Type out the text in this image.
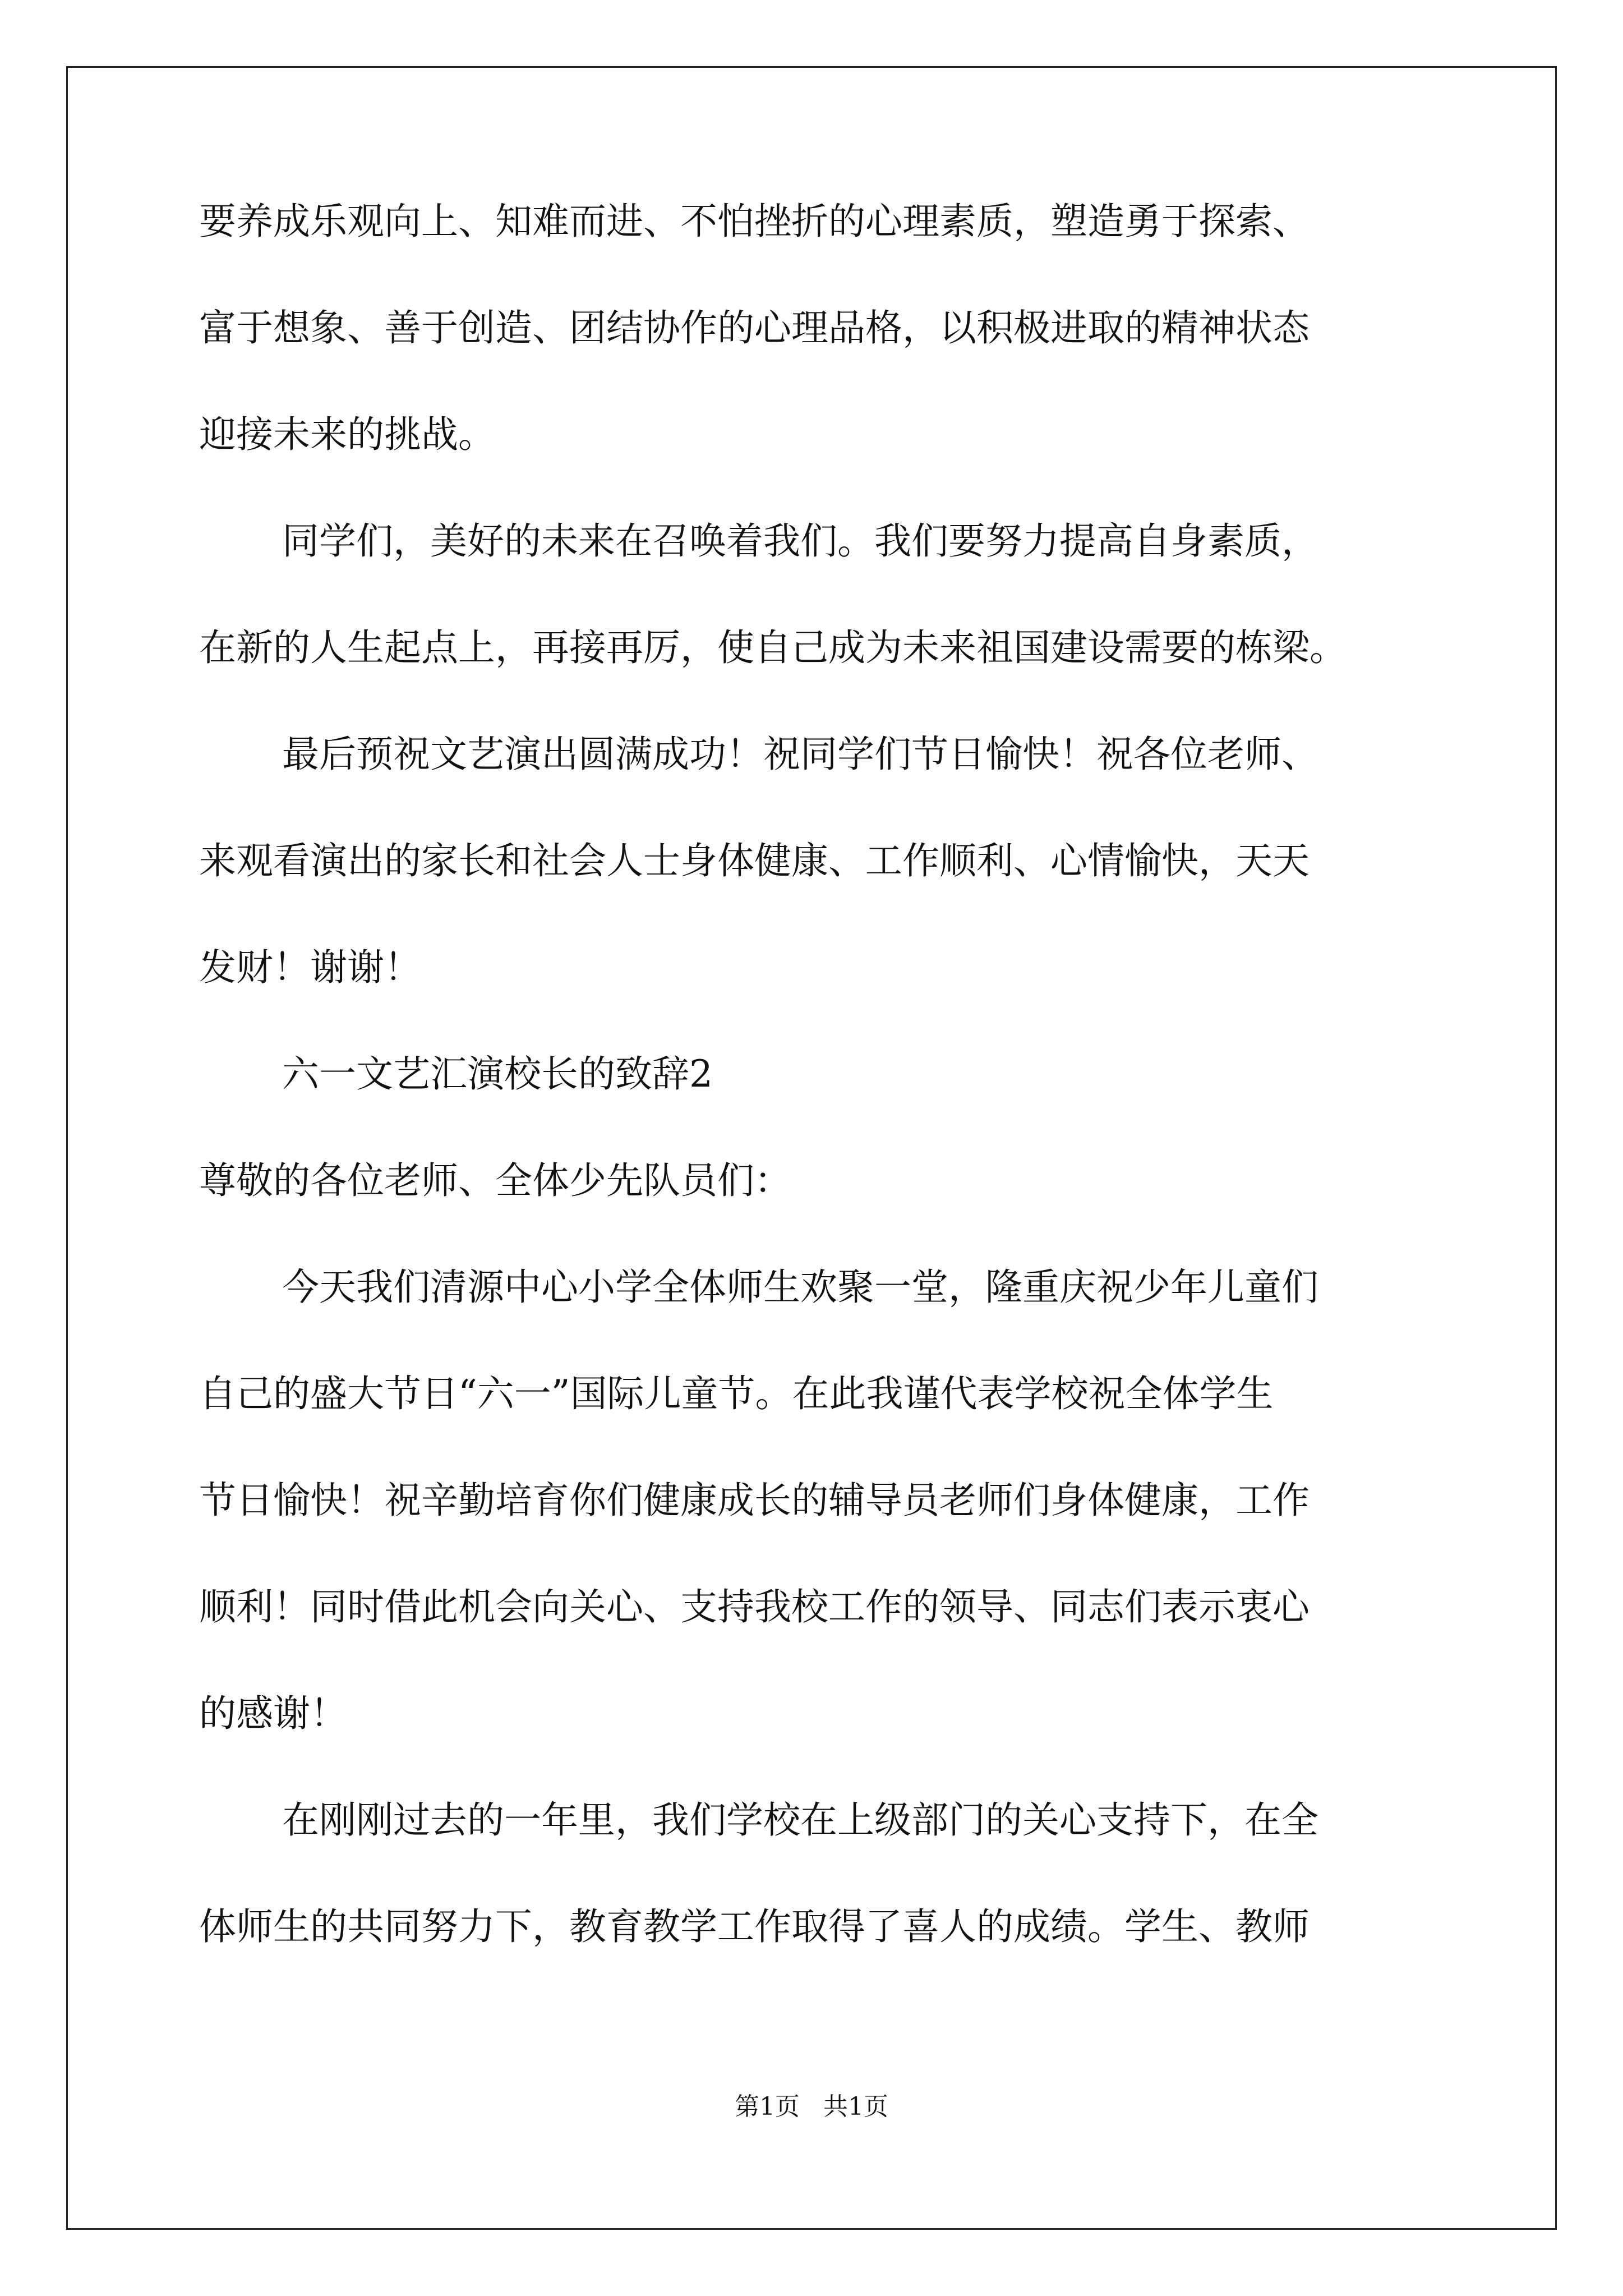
要养成乐观向上、知难而进、不怕挫折的心理素质，塑造勇于探索、
富于想象、善于创造、团结协作的心理品格，以积极进取的精神状态
迎接未来的挑战。
同学们，美好的未来在召唤着我们。我们要努力提高自身素质，
在新的人生起点上，再接再厉，使自己成为未来祖国建设需要的栋梁。
最后预祝文艺演出圆满成功！祝同学们节日愉快！祝各位老师、
来观看演出的家长和社会人士身体健康、工作顺利、心情愉快，天天
发财！谢谢！
六一文艺汇演校长的致辞2
尊敬的各位老师、全体少先队员们：
今天我们清源中心小学全体师生欢聚一堂，隆重庆祝少年儿童们
自己的盛大节日“六一”国际儿童节。在此我谨代表学校祝全体学生
节日愉快！祝辛勤培育你们健康成长的辅导员老师们身体健康，工作
顺利！同时借此机会向关心、支持我校工作的领导、同志们表示衷心
的感谢！
在刚刚过去的一年里，我们学校在上级部门的关心支持下，在全
体师生的共同努力下，教育教学工作取得了喜人的成绩。学生、教师
第1页   共1页
